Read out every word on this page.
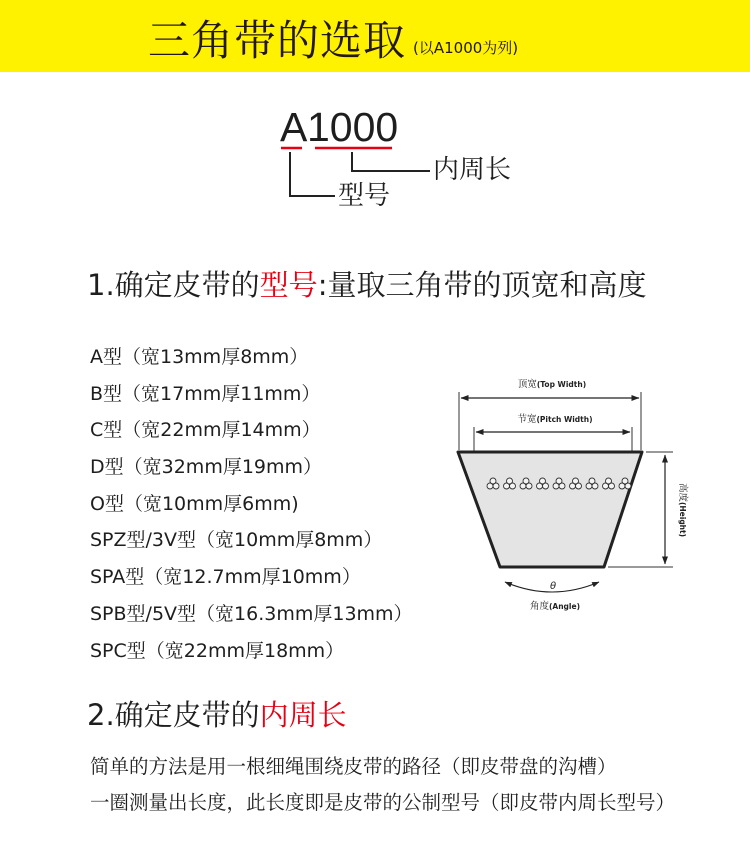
三角带的选取 (以A1000为列)
A 1000
内周长
型号
1.确定皮带的型号:量取三角带的顶宽和高度
A型（宽13mm厚8mm）
B型（宽17mm厚11mm）
C型（宽22mm厚14mm）
D型（宽32mm厚19mm）
O型（宽10mm厚6mm)
SPZ型/3V型（宽10mm厚8mm）
SPA型（宽12.7mm厚10mm）
SPB型/5V型（宽16.3mm厚13mm）
SPC型（宽22mm厚18mm）
顶宽(Top Width)
节宽(Pitch Width)
高度(Height)
θ
角度(Angle)
2.确定皮带的内周长
简单的方法是用一根细绳围绕皮带的路径（即皮带盘的沟槽）
一圈测量出长度，此长度即是皮带的公制型号（即皮带内周长型号）
